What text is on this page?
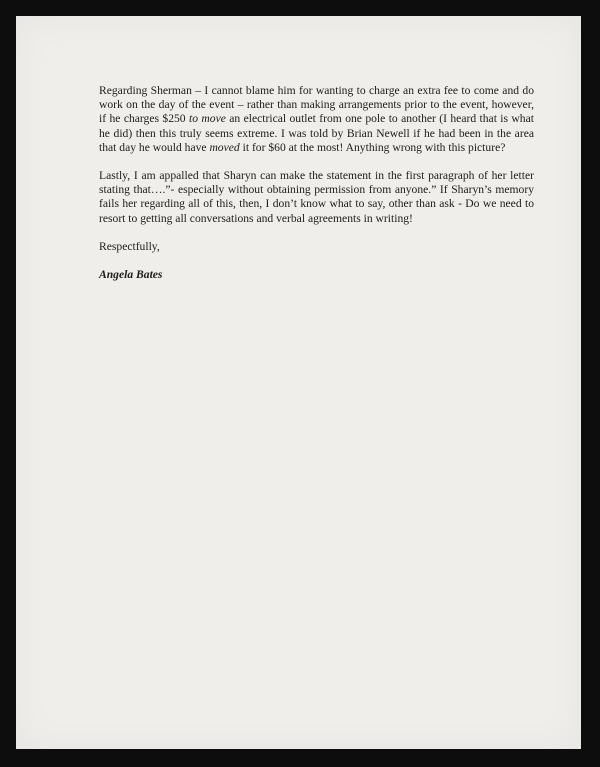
Regarding Sherman – I cannot blame him for wanting to charge an extra fee to come and do work on the day of the event – rather than making arrangements prior to the event, however, if he charges $250 to move an electrical outlet from one pole to another (I heard that is what he did) then this truly seems extreme. I was told by Brian Newell if he had been in the area that day he would have moved it for $60 at the most! Anything wrong with this picture?

Lastly, I am appalled that Sharyn can make the statement in the first paragraph of her letter stating that….”- especially without obtaining permission from anyone.” If Sharyn’s memory fails her regarding all of this, then, I don’t know what to say, other than ask - Do we need to resort to getting all conversations and verbal agreements in writing!

Respectfully,

Angela Bates
